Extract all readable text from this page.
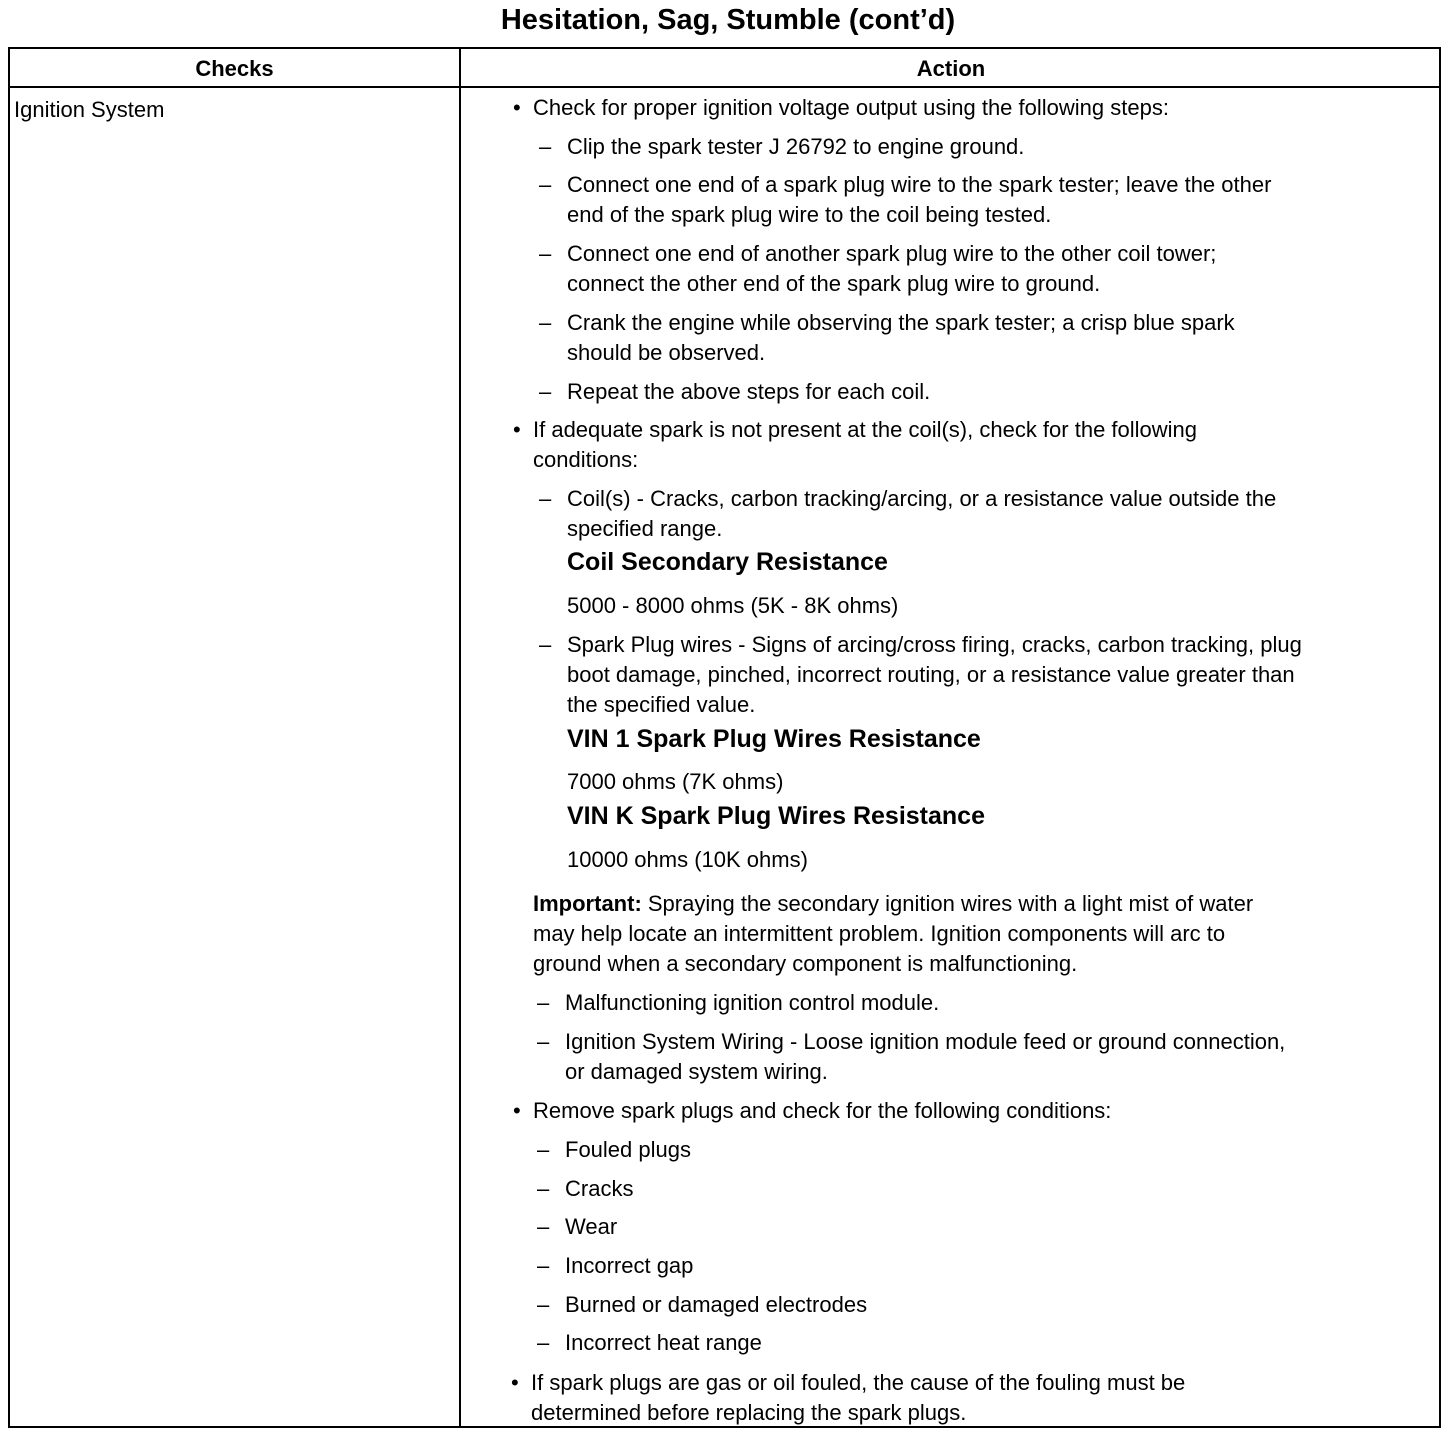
Hesitation, Sag, Stumble (cont’d)
Checks	Action
Ignition System	• Check for proper ignition voltage output using the following steps:
– Clip the spark tester J 26792 to engine ground.
– Connect one end of a spark plug wire to the spark tester; leave the other
end of the spark plug wire to the coil being tested.
– Connect one end of another spark plug wire to the other coil tower;
connect the other end of the spark plug wire to ground.
– Crank the engine while observing the spark tester; a crisp blue spark
should be observed.
– Repeat the above steps for each coil.
• If adequate spark is not present at the coil(s), check for the following
conditions:
– Coil(s) - Cracks, carbon tracking/arcing, or a resistance value outside the
specified range.
Coil Secondary Resistance
5000 - 8000 ohms (5K - 8K ohms)
– Spark Plug wires - Signs of arcing/cross firing, cracks, carbon tracking, plug
boot damage, pinched, incorrect routing, or a resistance value greater than
the specified value.
VIN 1 Spark Plug Wires Resistance
7000 ohms (7K ohms)
VIN K Spark Plug Wires Resistance
10000 ohms (10K ohms)
Important: Spraying the secondary ignition wires with a light mist of water
may help locate an intermittent problem. Ignition components will arc to
ground when a secondary component is malfunctioning.
– Malfunctioning ignition control module.
– Ignition System Wiring - Loose ignition module feed or ground connection,
or damaged system wiring.
• Remove spark plugs and check for the following conditions:
– Fouled plugs
– Cracks
– Wear
– Incorrect gap
– Burned or damaged electrodes
– Incorrect heat range
• If spark plugs are gas or oil fouled, the cause of the fouling must be
determined before replacing the spark plugs.
